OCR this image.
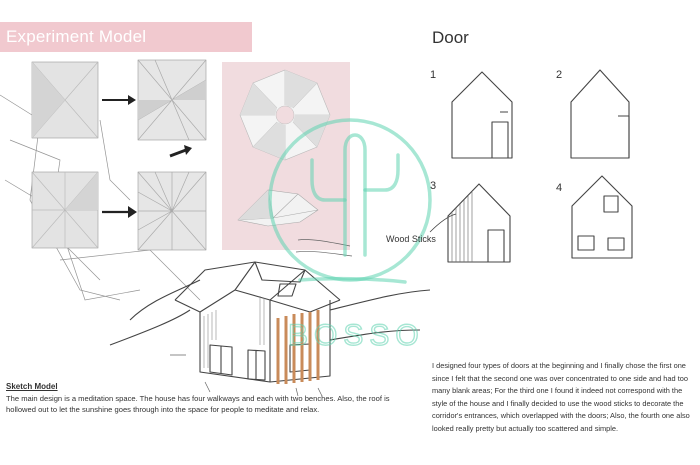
Experiment Model
BOSSO
Door
1	2
3	4
Wood Sticks
Sketch Model
The main design is a meditation space. The house has four walkways and each with two benches. Also, the roof is hollowed out to let the sunshine goes through into the space for people to meditate and relax.
I designed four types of doors at the beginning and I finally chose the first one since I felt that the second one was over concentrated to one side and had too many blank areas; For the third one I found it indeed not correspond with the style of the house and I finally decided to use the wood sticks to decorate the corridor's entrances, which overlapped with the doors; Also, the fourth one also looked really pretty but actually too scattered and simple.
